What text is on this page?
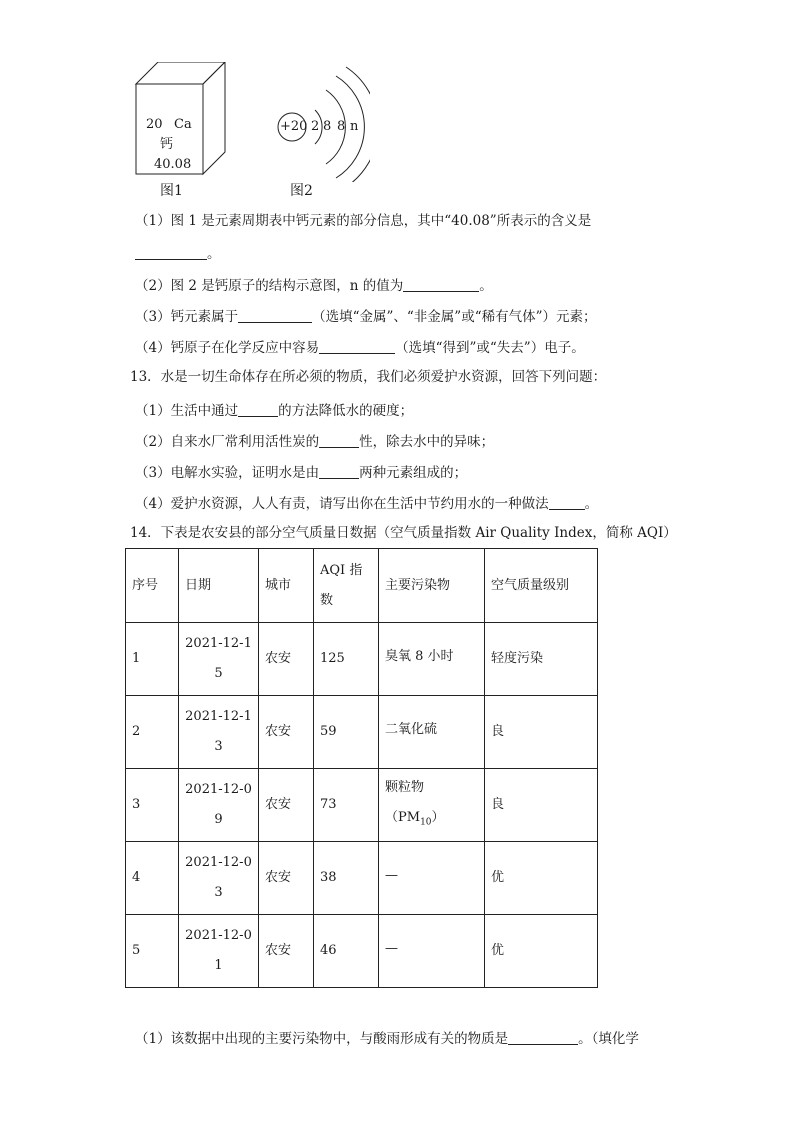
20 Ca
钙
40.08
图1
+20 2 8 8 n
图2
（1）图 1 是元素周期表中钙元素的部分信息，其中“40.08”所表示的含义是
。
（2）图 2 是钙原子的结构示意图，n 的值为	。
（3）钙元素属于	（选填“金属”、“非金属”或“稀有气体”）元素；
（4）钙原子在化学反应中容易	（选填“得到”或“失去”）电子。
13．水是一切生命体存在所必须的物质，我们必须爱护水资源，回答下列问题：
（1）生活中通过	的方法降低水的硬度；
（2）自来水厂常利用活性炭的	性，除去水中的异味；
（3）电解水实验，证明水是由	两种元素组成的；
（4）爱护水资源，人人有责，请写出你在生活中节约用水的一种做法	。
14．下表是农安县的部分空气质量日数据（空气质量指数 Air Quality Index，简称 AQI）
序号	日期	城市	AQI 指数	主要污染物	空气质量级别
1	2021-12-15	农安	125	臭氧 8 小时	轻度污染
2	2021-12-13	农安	59	二氧化硫	良
3	2021-12-09	农安	73	颗粒物$(PM_{10})$	良
4	2021-12-03	农安	38	—	优
5	2021-12-01	农安	46	—	优
（1）该数据中出现的主要污染物中，与酸雨形成有关的物质是	。（填化学
